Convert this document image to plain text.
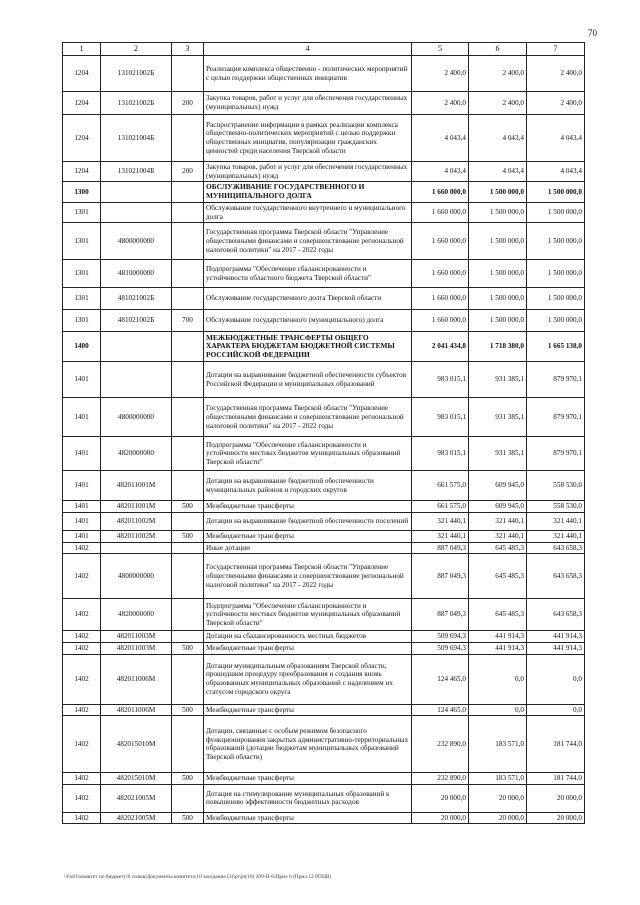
70
1	2	3	4	5	6	7
1204	131021002Б		Реализация комплекса общественно - политических мероприятий с целью поддержки общественных инициатив	2 400,0	2 400,0	2 400,0
1204	131021002Б	200	Закупка товаров, работ и услуг для обеспечения государственных (муниципальных) нужд	2 400,0	2 400,0	2 400,0
1204	131021004Б		Распространение информации в рамках реализации комплекса общественно-политических мероприятий с целью поддержки общественных инициатив, популяризации гражданских ценностей среди населения Тверской области	4 043,4	4 043,4	4 043,4
1204	131021004Б	200	Закупка товаров, работ и услуг для обеспечения государственных (муниципальных) нужд	4 043,4	4 043,4	4 043,4
1300			ОБСЛУЖИВАНИЕ ГОСУДАРСТВЕННОГО И МУНИЦИПАЛЬНОГО ДОЛГА	1 660 000,0	1 500 000,0	1 500 000,0
1301			Обслуживание государственного внутреннего и муниципального долга	1 660 000,0	1 500 000,0	1 500 000,0
1301	4800000000		Государственная программа Тверской области "Управление общественными финансами и совершенствование региональной налоговой политики" на 2017 - 2022 годы	1 660 000,0	1 500 000,0	1 500 000,0
1301	4810000000		Подпрограмма "Обеспечение сбалансированности и устойчивости областного бюджета Тверской области"	1 660 000,0	1 500 000,0	1 500 000,0
1301	481021002Б		Обслуживание государственного долга Тверской области	1 660 000,0	1 500 000,0	1 500 000,0
1301	481021002Б	700	Обслуживание государственного (муниципального) долга	1 660 000,0	1 500 000,0	1 500 000,0
1400			МЕЖБЮДЖЕТНЫЕ ТРАНСФЕРТЫ ОБЩЕГО ХАРАКТЕРА БЮДЖЕТАМ БЮДЖЕТНОЙ СИСТЕМЫ РОССИЙСКОЙ ФЕДЕРАЦИИ	2 041 434,8	1 718 380,0	1 665 138,0
1401			Дотации на выравнивание бюджетной обеспеченности субъектов Российской Федерации и муниципальных образований	983 015,1	931 385,1	879 970,1
1401	4800000000		Государственная программа Тверской области "Управление общественными финансами и совершенствование региональной налоговой политики" на 2017 - 2022 годы	983 015,1	931 385,1	879 970,1
1401	4820000000		Подпрограмма "Обеспечение сбалансированности и устойчивости местных бюджетов муниципальных образований Тверской области"	983 015,1	931 385,1	879 970,1
1401	482011001М		Дотации на выравнивание бюджетной обеспеченности муниципальных районов и городских округов	661 575,0	609 945,0	558 530,0
1401	482011001М	500	Межбюджетные трансферты	661 575,0	609 945,0	558 530,0
1401	482011002М		Дотации на выравнивание бюджетной обеспеченности поселений	321 440,1	321 440,1	321 440,1
1401	482011002М	500	Межбюджетные трансферты	321 440,1	321 440,1	321 440,1
1402			Иные дотации	887 049,3	645 485,3	643 658,3
1402	4800000000		Государственная программа Тверской области "Управление общественными финансами и совершенствование региональной налоговой политики" на 2017 - 2022 годы	887 049,3	645 485,3	643 658,3
1402	4820000000		Подпрограмма "Обеспечение сбалансированности и устойчивости местных бюджетов муниципальных образований Тверской области"	887 049,3	645 485,3	643 658,3
1402	482011003М		Дотации на сбалансированность местных бюджетов	509 694,3	441 914,3	441 914,3
1402	482011003М	500	Межбюджетные трансферты	509 694,3	441 914,3	441 914,3
1402	482011006М		Дотации муниципальным образованиям Тверской области, прошедшим процедуру преобразования и создания вновь образованных муниципальных образований с наделением их статусом городского округа	124 465,0	0,0	0,0
1402	482011006М	500	Межбюджетные трансферты	124 465,0	0,0	0,0
1402	482015010М		Дотации, связанные с особым режимом безопасного функционирования закрытых административно-территориальных образований (дотации бюджетам муниципальных образований Тверской области)	232 890,0	183 571,0	181 744,0
1402	482015010М	500	Межбюджетные трансферты	232 890,0	183 571,0	181 744,0
1402	482021005М		Дотация на стимулирование муниципальных образований к повышению эффективности бюджетных расходов	20 000,0	20 000,0	20 000,0
1402	482021005М	500	Межбюджетные трансферты	20 000,0	20 000,0	20 000,0
\\f\s01\комитет по бюджету\6 созыв\Документы комитета\10 заседание (3)\pr\pr(10) 209-П-6\Прил 6 (Прил 12 РПЦВ)
